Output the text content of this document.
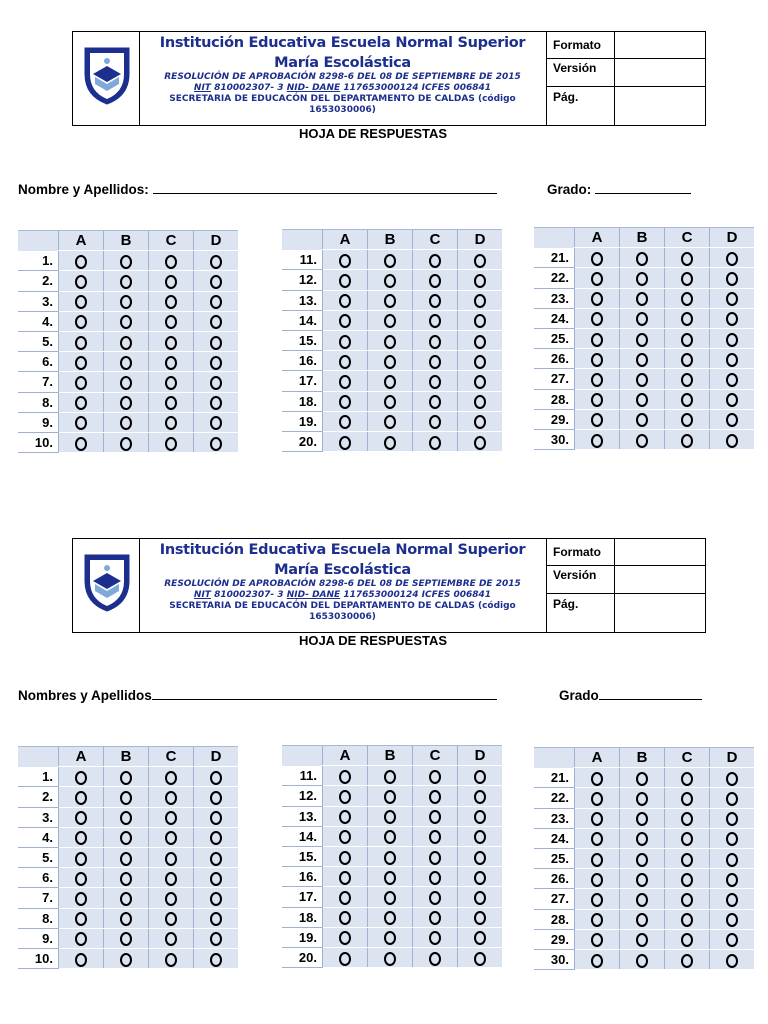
Institución Educativa Escuela Normal Superior
María Escolástica
RESOLUCIÓN DE APROBACIÓN 8298-6 DEL 08 DE SEPTIEMBRE DE 2015
NIT 810002307- 3 NID- DANE 117653000124 ICFES 006841
SECRETARIA DE EDUCACÓN DEL DEPARTAMENTO DE CALDAS (código
1653030006)
Formato
Versión
Pág.
HOJA DE RESPUESTAS
Nombre y Apellidos:	Grado:
	A	B	C	D
1.				
2.				
3.				
4.				
5.				
6.				
7.				
8.				
9.				
10.				
	A	B	C	D
11.				
12.				
13.				
14.				
15.				
16.				
17.				
18.				
19.				
20.				
	A	B	C	D
21.				
22.				
23.				
24.				
25.				
26.				
27.				
28.				
29.				
30.				
Institución Educativa Escuela Normal Superior
María Escolástica
RESOLUCIÓN DE APROBACIÓN 8298-6 DEL 08 DE SEPTIEMBRE DE 2015
NIT 810002307- 3 NID- DANE 117653000124 ICFES 006841
SECRETARIA DE EDUCACÓN DEL DEPARTAMENTO DE CALDAS (código
1653030006)
Formato
Versión
Pág.
HOJA DE RESPUESTAS
Nombres y Apellidos	Grado
	A	B	C	D
1.				
2.				
3.				
4.				
5.				
6.				
7.				
8.				
9.				
10.				
	A	B	C	D
11.				
12.				
13.				
14.				
15.				
16.				
17.				
18.				
19.				
20.				
	A	B	C	D
21.				
22.				
23.				
24.				
25.				
26.				
27.				
28.				
29.				
30.				
